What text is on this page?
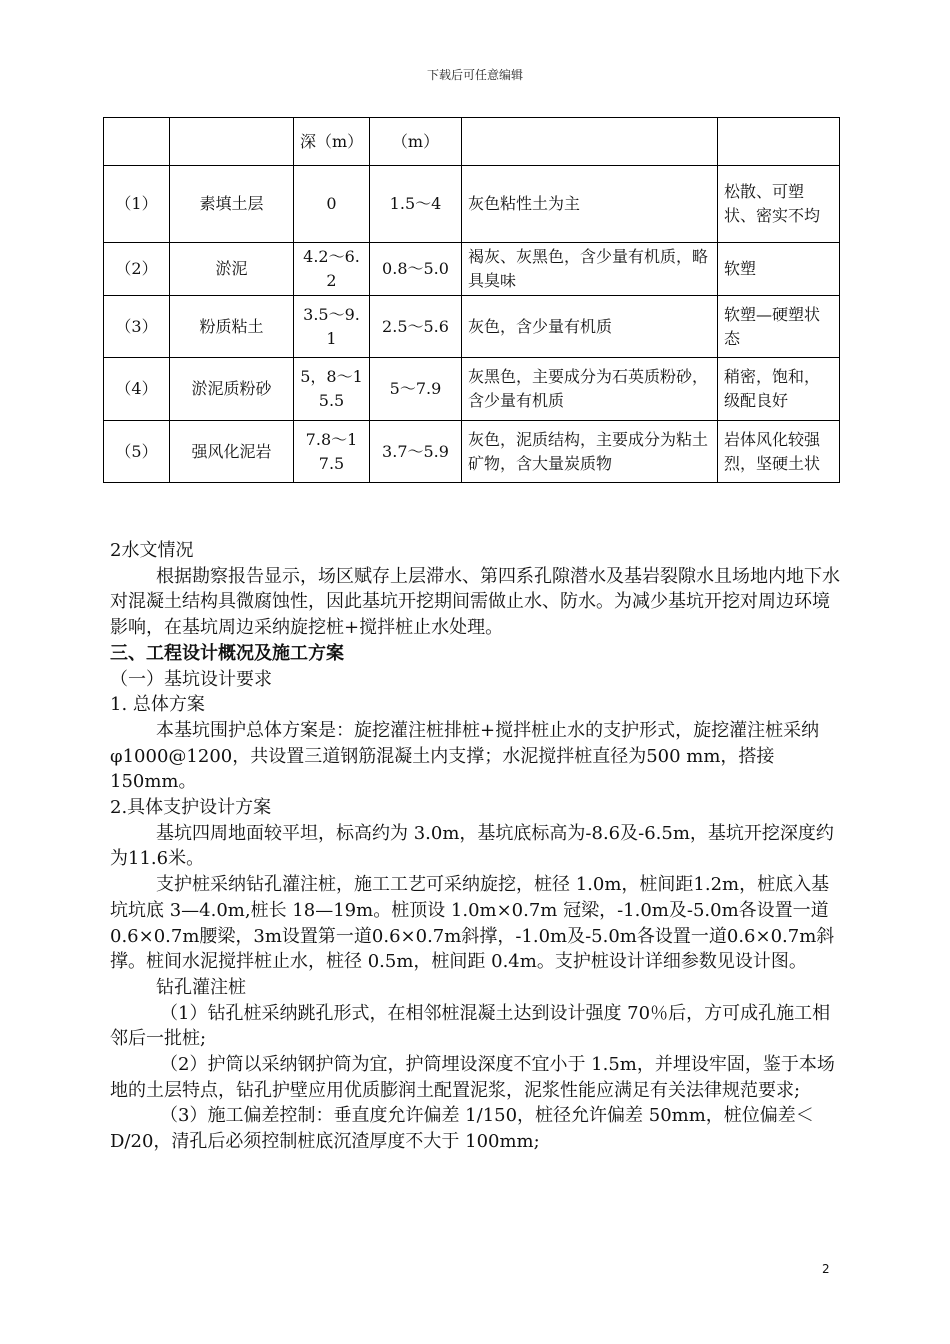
下载后可任意编辑
		深（m）	（m）		
（1）	素填土层	0	1.5～4	灰色粘性土为主	松散、可塑状、密实不均
（2）	淤泥	4.2～6.2	0.8～5.0	褐灰、灰黑色，含少量有机质，略具臭味	软塑
（3）	粉质粘土	3.5～9.1	2.5～5.6	灰色，含少量有机质	软塑—硬塑状态
（4）	淤泥质粉砂	5，8～15.5	5～7.9	灰黑色，主要成分为石英质粉砂，含少量有机质	稍密，饱和，级配良好
（5）	强风化泥岩	7.8～17.5	3.7～5.9	灰色，泥质结构，主要成分为粘土矿物，含大量炭质物	岩体风化较强烈，坚硬土状

2水文情况

根据勘察报告显示，场区赋存上层滞水、第四系孔隙潜水及基岩裂隙水且场地内地下水对混凝土结构具微腐蚀性，因此基坑开挖期间需做止水、防水。为减少基坑开挖对周边环境影响，在基坑周边采纳旋挖桩+搅拌桩止水处理。

三、工程设计概况及施工方案

（一）基坑设计要求

1. 总体方案

本基坑围护总体方案是：旋挖灌注桩排桩+搅拌桩止水的支护形式，旋挖灌注桩采纳 φ1000@1200，共设置三道钢筋混凝土内支撑；水泥搅拌桩直径为500 mm，搭接150mm。

2.具体支护设计方案

基坑四周地面较平坦，标高约为 3.0m，基坑底标高为-8.6及-6.5m，基坑开挖深度约为11.6米。

支护桩采纳钻孔灌注桩，施工工艺可采纳旋挖，桩径 1.0m，桩间距1.2m，桩底入基坑坑底 3—4.0m,桩长 18—19m。桩顶设 1.0m×0.7m 冠梁，-1.0m及-5.0m各设置一道0.6×0.7m腰梁，3m设置第一道0.6×0.7m斜撑，-1.0m及-5.0m各设置一道0.6×0.7m斜撑。桩间水泥搅拌桩止水，桩径 0.5m，桩间距 0.4m。支护桩设计详细参数见设计图。

钻孔灌注桩

（1）钻孔桩采纳跳孔形式，在相邻桩混凝土达到设计强度 70％后，方可成孔施工相邻后一批桩;

（2）护筒以采纳钢护筒为宜，护筒埋设深度不宜小于 1.5m，并埋设牢固，鉴于本场地的土层特点，钻孔护壁应用优质膨润土配置泥浆，泥浆性能应满足有关法律规范要求;

（3）施工偏差控制：垂直度允许偏差 1/150，桩径允许偏差 50mm，桩位偏差＜D/20，清孔后必须控制桩底沉渣厚度不大于 100mm;

2
